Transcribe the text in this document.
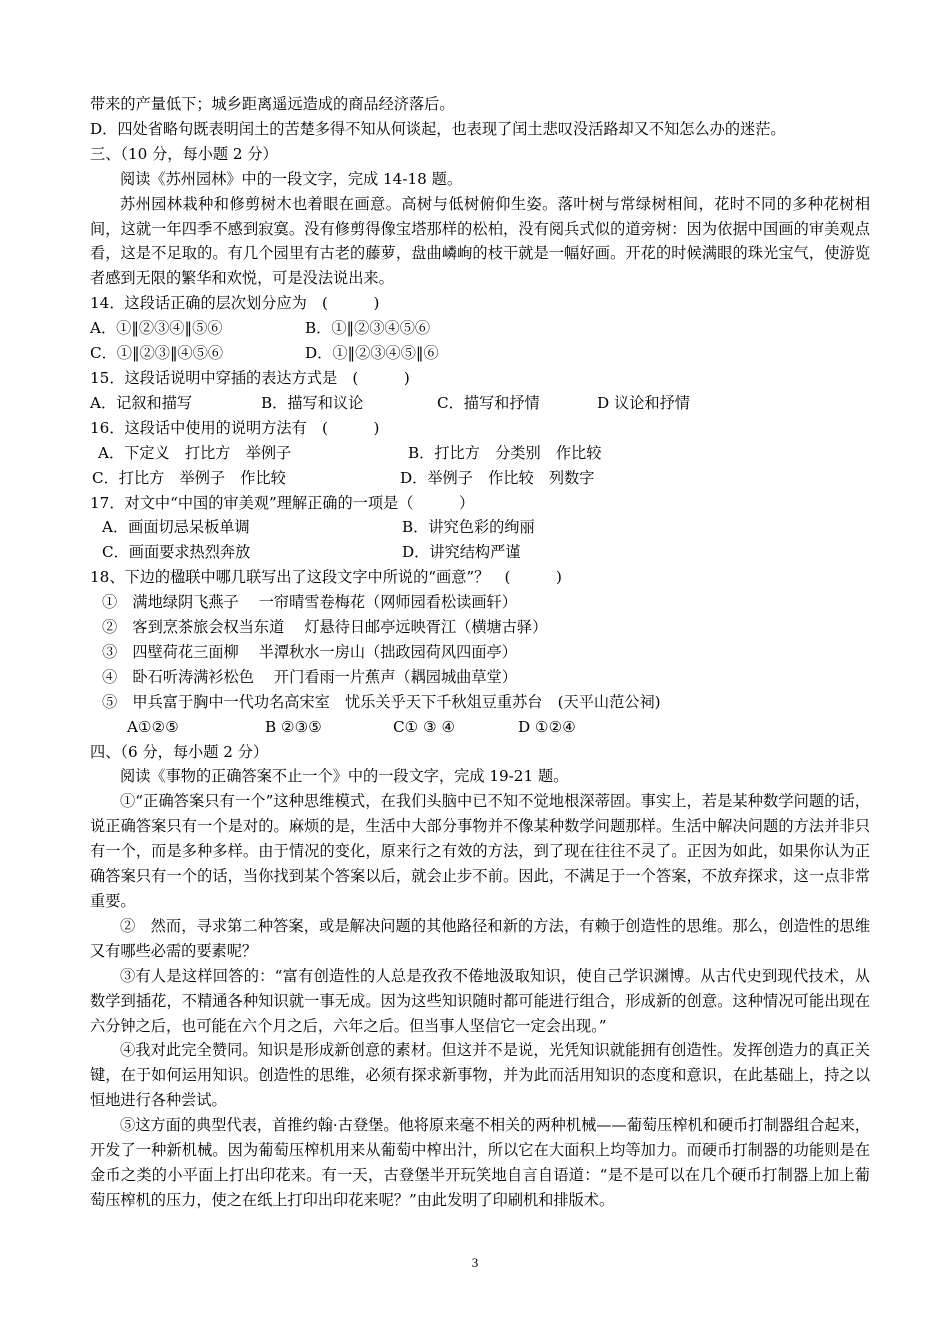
带来的产量低下；城乡距离遥远造成的商品经济落后。
D．四处省略句既表明闰土的苦楚多得不知从何谈起，也表现了闰土悲叹没活路却又不知怎么办的迷茫。
三、（10 分，每小题 2 分）
阅读《苏州园林》中的一段文字，完成 14-18 题。

苏州园林栽种和修剪树木也着眼在画意。高树与低树俯仰生姿。落叶树与常绿树相间，花时不同的多种花树相间，这就一年四季不感到寂寞。没有修剪得像宝塔那样的松柏，没有阅兵式似的道旁树：因为依据中国画的审美观点看，这是不足取的。有几个园里有古老的藤萝，盘曲嶙峋的枝干就是一幅好画。开花的时候满眼的珠光宝气，使游览者感到无限的繁华和欢悦，可是没法说出来。

14．这段话正确的层次划分应为　(　　　)
A．①‖②③④‖⑤⑥	B．①‖②③④⑤⑥
C．①‖②③‖④⑤⑥	D．①‖②③④⑤‖⑥
15．这段话说明中穿插的表达方式是　(　　　)
A．记叙和描写	B．描写和议论	C．描写和抒情	D 议论和抒情
16．这段话中使用的说明方法有　(　　　)
A．下定义　打比方　举例子	B．打比方　分类别　作比较
C．打比方　举例子　作比较	D．举例子　作比较　列数字
17．对文中“中国的审美观”理解正确的一项是（　　　）
A．画面切忌呆板单调	B．讲究色彩的绚丽
C．画面要求热烈奔放	D．讲究结构严谨
18、下边的楹联中哪几联写出了这段文字中所说的“画意”？　(　　　)
①　满地绿阴飞燕子　 一帘晴雪卷梅花（网师园看松读画轩）
②　客到烹茶旅会权当东道　 灯悬待日邮亭远映胥江（横塘古驿）
③　四壁荷花三面柳　 半潭秋水一房山（拙政园荷风四面亭）
④　卧石听涛满衫松色　 开门看雨一片蕉声（耦园城曲草堂）
⑤　甲兵富于胸中一代功名高宋室　忧乐关乎天下千秋俎豆重苏台　(天平山范公祠)
A①②⑤	B ②③⑤	C① ③ ④	D ①②④
四、（6 分，每小题 2 分）
阅读《事物的正确答案不止一个》中的一段文字，完成 19-21 题。

①“正确答案只有一个”这种思维模式，在我们头脑中已不知不觉地根深蒂固。事实上，若是某种数学问题的话，说正确答案只有一个是对的。麻烦的是，生活中大部分事物并不像某种数学问题那样。生活中解决问题的方法并非只有一个，而是多种多样。由于情况的变化，原来行之有效的方法，到了现在往往不灵了。正因为如此，如果你认为正确答案只有一个的话，当你找到某个答案以后，就会止步不前。因此，不满足于一个答案，不放弃探求，这一点非常重要。

②　然而，寻求第二种答案，或是解决问题的其他路径和新的方法，有赖于创造性的思维。那么，创造性的思维又有哪些必需的要素呢？

③有人是这样回答的：“富有创造性的人总是孜孜不倦地汲取知识，使自己学识渊博。从古代史到现代技术，从数学到插花，不精通各种知识就一事无成。因为这些知识随时都可能进行组合，形成新的创意。这种情况可能出现在六分钟之后，也可能在六个月之后，六年之后。但当事人坚信它一定会出现。”

④我对此完全赞同。知识是形成新创意的素材。但这并不是说，光凭知识就能拥有创造性。发挥创造力的真正关键，在于如何运用知识。创造性的思维，必须有探求新事物，并为此而活用知识的态度和意识，在此基础上，持之以恒地进行各种尝试。

⑤这方面的典型代表，首推约翰·古登堡。他将原来毫不相关的两种机械——葡萄压榨机和硬币打制器组合起来，开发了一种新机械。因为葡萄压榨机用来从葡萄中榨出汁，所以它在大面积上均等加力。而硬币打制器的功能则是在金币之类的小平面上打出印花来。有一天，古登堡半开玩笑地自言自语道：“是不是可以在几个硬币打制器上加上葡萄压榨机的压力，使之在纸上打印出印花来呢？”由此发明了印刷机和排版术。

3
